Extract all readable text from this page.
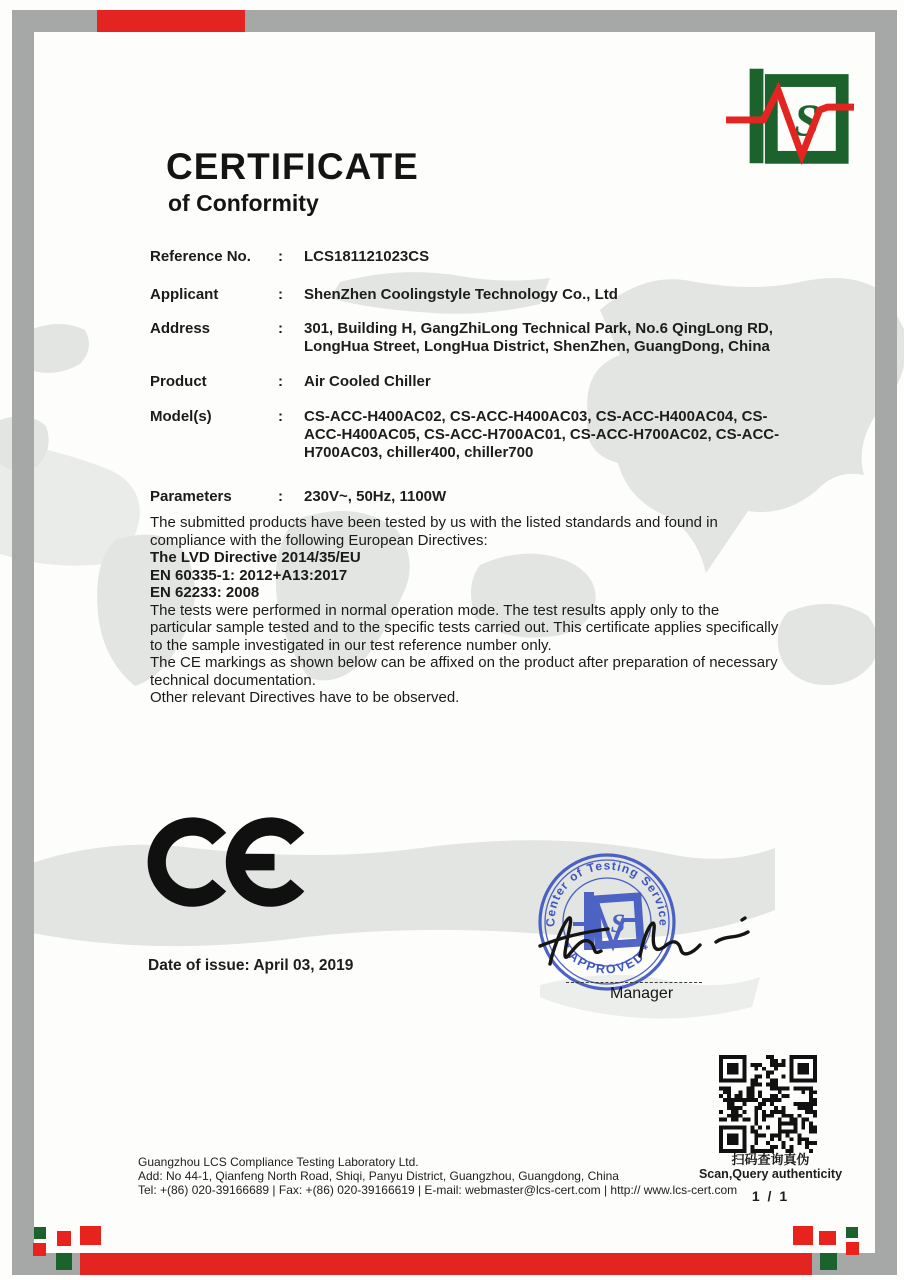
S
CERTIFICATE
of Conformity
Reference No.	:	LCS181121023CS
Applicant	:	ShenZhen Coolingstyle Technology Co., Ltd
Address	:	301, Building H, GangZhiLong Technical Park, No.6 QingLong RD,
LongHua Street, LongHua District, ShenZhen, GuangDong, China
Product	:	Air Cooled Chiller
Model(s)	:	CS-ACC-H400AC02, CS-ACC-H400AC03, CS-ACC-H400AC04, CS-
ACC-H400AC05, CS-ACC-H700AC01, CS-ACC-H700AC02, CS-ACC-
H700AC03, chiller400, chiller700
Parameters	:	230V~, 50Hz, 1100W

The submitted products have been tested by us with the listed standards and found in compliance with the following European Directives:

The LVD Directive 2014/35/EU

EN 60335-1: 2012+A13:2017

EN 62233: 2008

The tests were performed in normal operation mode. The test results apply only to the particular sample tested and to the specific tests carried out. This certificate applies specifically to the sample investigated in our test reference number only.

The CE markings as shown below can be affixed on the product after preparation of necessary technical documentation.

Other relevant Directives have to be observed.

Date of issue: April 03, 2019
Center of Testing Service
* APPROVED *
S
Manager
Guangzhou LCS Compliance Testing Laboratory Ltd.
Add: No 44-1, Qianfeng North Road, Shiqi, Panyu District, Guangzhou, Guangdong, China
Tel: +(86) 020-39166689 | Fax: +(86) 020-39166619 | E-mail: webmaster@lcs-cert.com | http:// www.lcs-cert.com
扫码查询真伪
Scan,Query authenticity
1 / 1
